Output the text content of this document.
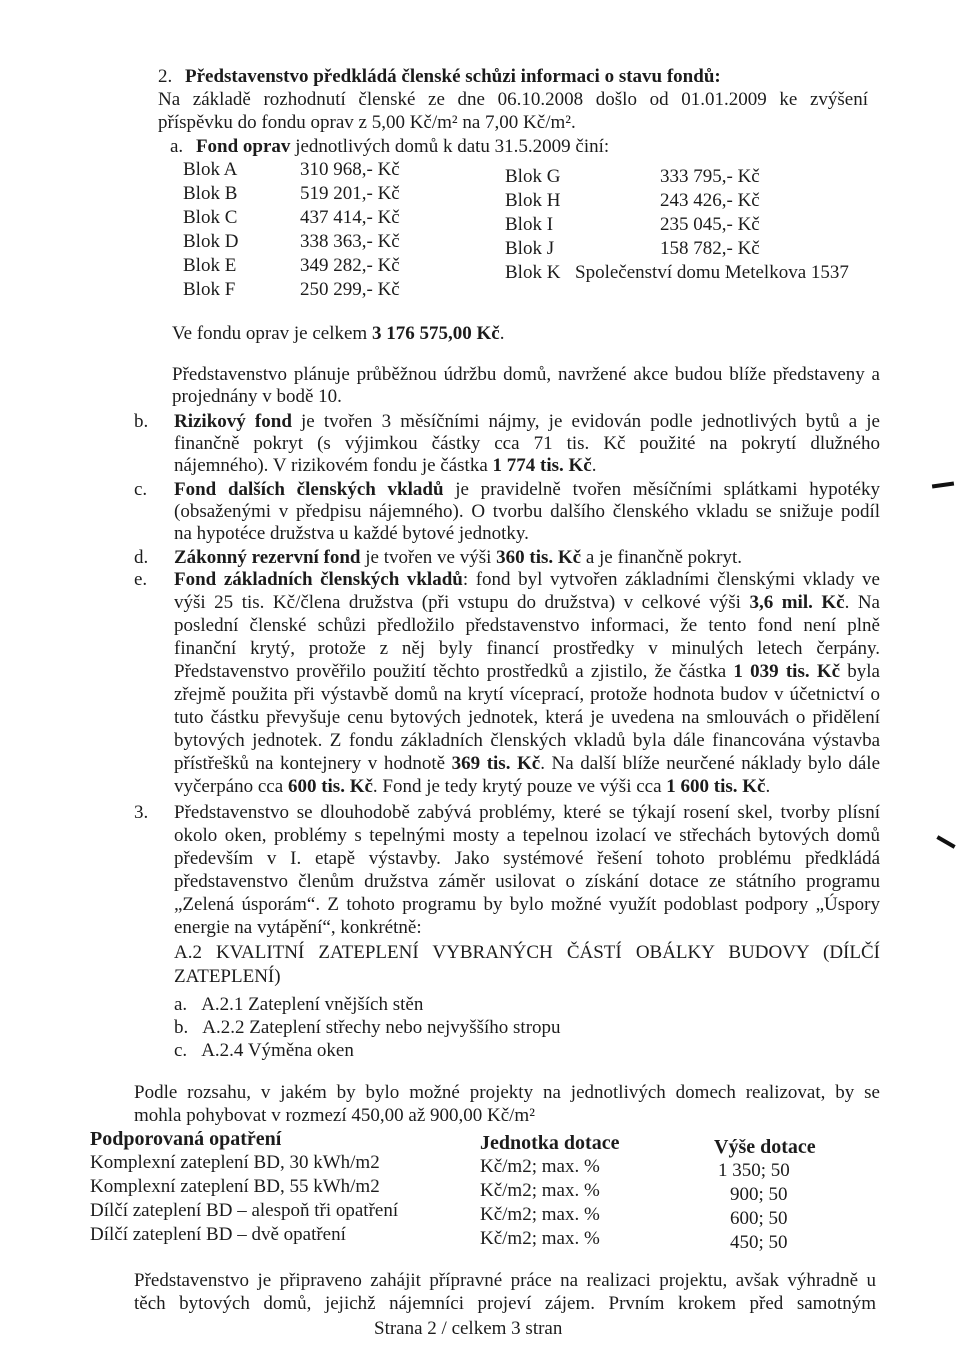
2. Představenstvo předkládá členské schůzi informaci o stavu fondů:
Na základě rozhodnutí členské ze dne 06.10.2008 došlo od 01.01.2009 ke zvýšení
příspěvku do fondu oprav z 5,00 Kč/m² na 7,00 Kč/m².
a. Fond oprav jednotlivých domů k datu 31.5.2009 činí:
Blok A	310 968,- Kč
Blok B	519 201,- Kč
Blok C	437 414,- Kč
Blok D	338 363,- Kč
Blok E	349 282,- Kč
Blok F	250 299,- Kč
Blok G	333 795,- Kč
Blok H	243 426,- Kč
Blok I	235 045,- Kč
Blok J	158 782,- Kč
Blok K Společenství domu Metelkova 1537
Ve fondu oprav je celkem 3 176 575,00 Kč.
Představenstvo plánuje průběžnou údržbu domů, navržené akce budou blíže představeny a
projednány v bodě 10.
b. Rizikový fond je tvořen 3 měsíčními nájmy, je evidován podle jednotlivých bytů a je
finančně pokryt (s výjimkou částky cca 71 tis. Kč použité na pokrytí dlužného
nájemného). V rizikovém fondu je částka 1 774 tis. Kč.
c. Fond dalších členských vkladů je pravidelně tvořen měsíčními splátkami hypotéky
(obsaženými v předpisu nájemného). O tvorbu dalšího členského vkladu se snižuje podíl
na hypotéce družstva u každé bytové jednotky.
d. Zákonný rezervní fond je tvořen ve výši 360 tis. Kč a je finančně pokryt.
e. Fond základních členských vkladů: fond byl vytvořen základními členskými vklady ve
výši 25 tis. Kč/člena družstva (při vstupu do družstva) v celkové výši 3,6 mil. Kč. Na
poslední členské schůzi předložilo představenstvo informaci, že tento fond není plně
finanční krytý, protože z něj byly financí prostředky v minulých letech čerpány.
Představenstvo prověřilo použití těchto prostředků a zjistilo, že částka 1 039 tis. Kč byla
zřejmě použita při výstavbě domů na krytí víceprací, protože hodnota budov v účetnictví o
tuto částku převyšuje cenu bytových jednotek, která je uvedena na smlouvách o přidělení
bytových jednotek. Z fondu základních členských vkladů byla dále financována výstavba
přístřešků na kontejnery v hodnotě 369 tis. Kč. Na další blíže neurčené náklady bylo dále
vyčerpáno cca 600 tis. Kč. Fond je tedy krytý pouze ve výši cca 1 600 tis. Kč.
3. Představenstvo se dlouhodobě zabývá problémy, které se týkají rosení skel, tvorby plísní
okolo oken, problémy s tepelnými mosty a tepelnou izolací ve střechách bytových domů
především v I. etapě výstavby. Jako systémové řešení tohoto problému předkládá
představenstvo členům družstva záměr usilovat o získání dotace ze státního programu
„Zelená úsporám“. Z tohoto programu by bylo možné využít podoblast podpory „Úspory
energie na vytápění“, konkrétně:
A.2 KVALITNÍ ZATEPLENÍ VYBRANÝCH ČÁSTÍ OBÁLKY BUDOVY (DÍLČÍ
ZATEPLENÍ)
a. A.2.1 Zateplení vnějších stěn
b. A.2.2 Zateplení střechy nebo nejvyššího stropu
c. A.2.4 Výměna oken
Podle rozsahu, v jakém by bylo možné projekty na jednotlivých domech realizovat, by se
mohla pohybovat v rozmezí 450,00 až 900,00 Kč/m²
Podporovaná opatření	Jednotka dotace	Výše dotace
Komplexní zateplení BD, 30 kWh/m2	Kč/m2; max. %	1 350; 50
Komplexní zateplení BD, 55 kWh/m2	Kč/m2; max. %	900; 50
Dílčí zateplení BD – alespoň tři opatření	Kč/m2; max. %	600; 50
Dílčí zateplení BD – dvě opatření	Kč/m2; max. %	450; 50
Představenstvo je připraveno zahájit přípravné práce na realizaci projektu, avšak výhradně u
těch bytových domů, jejichž nájemníci projeví zájem. Prvním krokem před samotným
Strana 2 / celkem 3 stran
